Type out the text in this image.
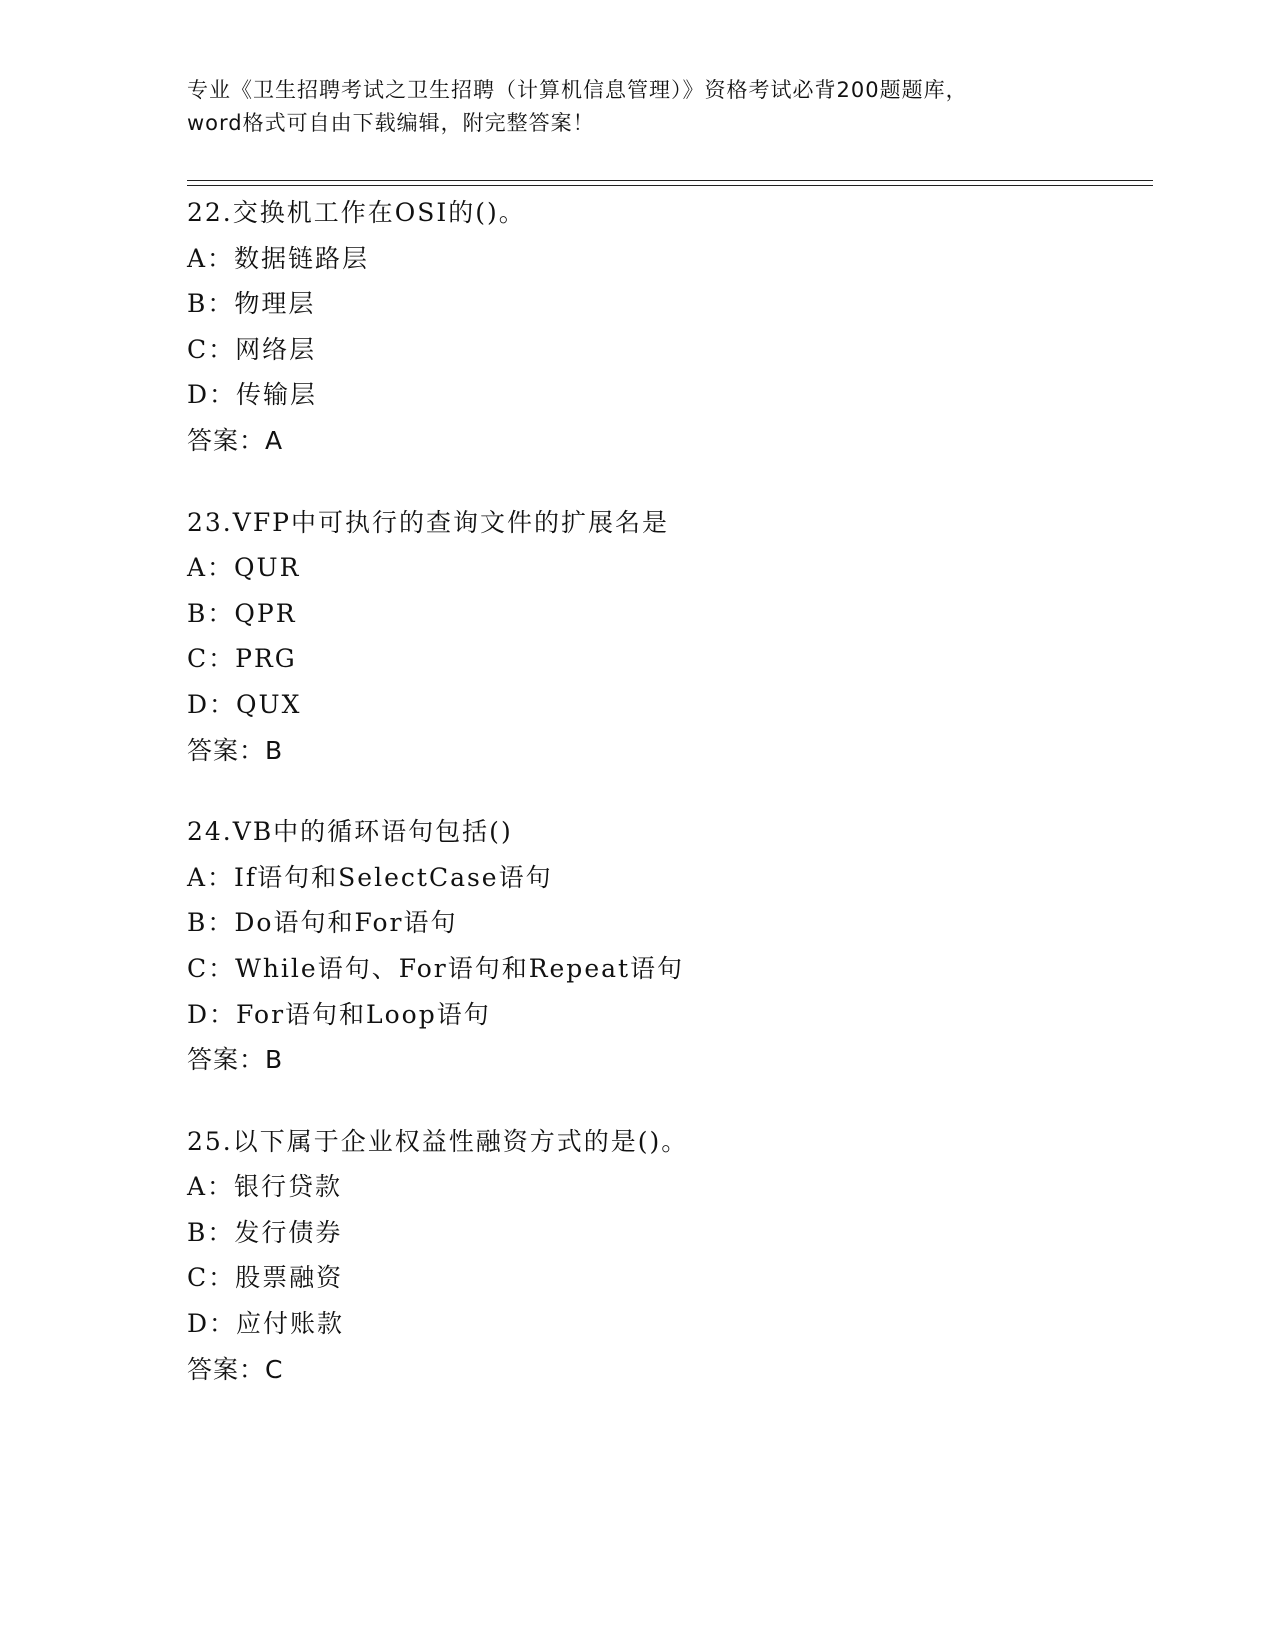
专业《卫生招聘考试之卫生招聘（计算机信息管理）》资格考试必背200题题库，
word格式可自由下载编辑，附完整答案！
22.交换机工作在OSI的()。
A：数据链路层
B：物理层
C：网络层
D：传输层
答案：A
23.VFP中可执行的查询文件的扩展名是
A：QUR
B：QPR
C：PRG
D：QUX
答案：B
24.VB中的循环语句包括()
A：If语句和SelectCase语句
B：Do语句和For语句
C：While语句、For语句和Repeat语句
D：For语句和Loop语句
答案：B
25.以下属于企业权益性融资方式的是()。
A：银行贷款
B：发行债券
C：股票融资
D：应付账款
答案：C
